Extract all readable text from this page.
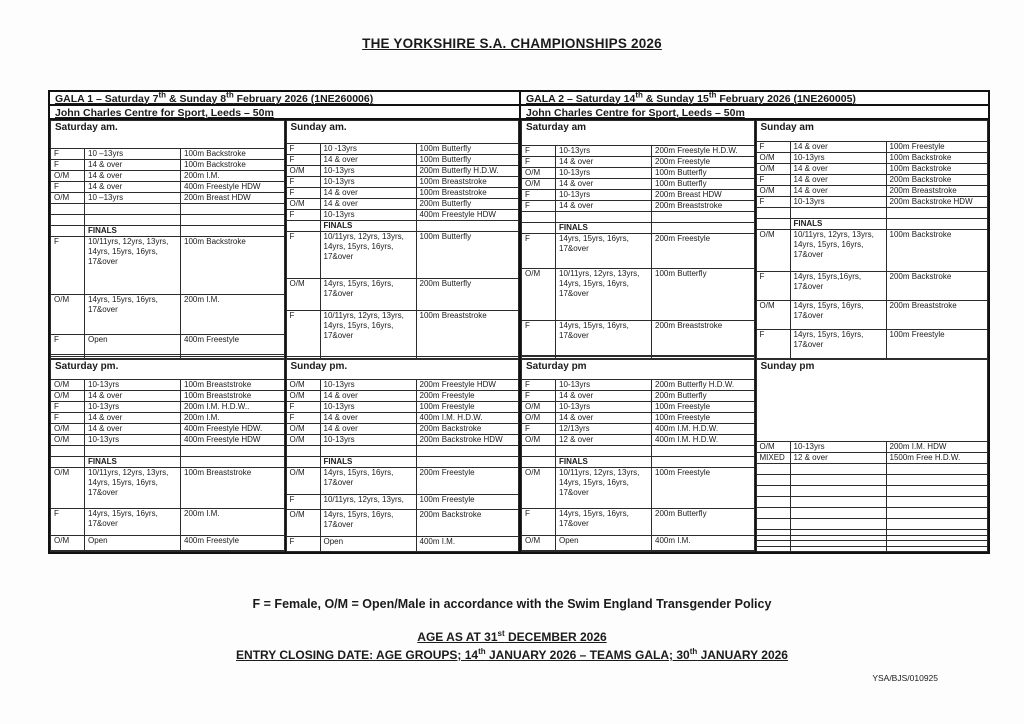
THE YORKSHIRE S.A. CHAMPIONSHIPS 2026
GALA 1 – Saturday 7th & Sunday 8th February 2026 (1NE260006)
John Charles Centre for Sport, Leeds – 50m
Saturday am.		
F	10 –13yrs	100m Backstroke
F	14 & over	100m Backstroke
O/M	14 & over	200m I.M.
F	14 & over	400m Freestyle HDW
O/M	10 –13yrs	200m Breast HDW

	FINALS	
F	10/11yrs, 12yrs, 13yrs, 14yrs, 15yrs, 16yrs, 17&over	100m Backstroke
O/M	14yrs, 15yrs, 16yrs, 17&over	200m I.M.
F	Open	400m Freestyle

Saturday pm.		
O/M	10-13yrs	100m Breaststroke
O/M	14 & over	100m Breaststroke
F	10-13yrs	200m I.M. H.D.W..
F	14 & over	200m I.M.
O/M	14 & over	400m Freestyle HDW.
O/M	10-13yrs	400m Freestyle HDW

	FINALS	
O/M	10/11yrs, 12yrs, 13yrs, 14yrs, 15yrs, 16yrs, 17&over	100m Breaststroke
F	14yrs, 15yrs, 16yrs, 17&over	200m I.M.
O/M	Open	400m Freestyle

Sunday am.		
F	10 -13yrs	100m Butterfly
F	14 & over	100m Butterfly
O/M	10-13yrs	200m Butterfly H.D.W.
F	10-13yrs	100m Breaststroke
F	14 & over	100m Breaststroke
O/M	14 & over	200m Butterfly
F	10-13yrs	400m Freestyle HDW
	FINALS	
F	10/11yrs, 12yrs, 13yrs, 14yrs, 15yrs, 16yrs, 17&over	100m Butterfly
O/M	14yrs, 15yrs, 16yrs, 17&over	200m Butterfly
F	10/11yrs, 12yrs, 13yrs, 14yrs, 15yrs, 16yrs, 17&over	100m Breaststroke

Sunday pm.		
O/M	10-13yrs	200m Freestyle HDW
O/M	14 & over	200m Freestyle
F	10-13yrs	100m Freestyle
F	14 & over	400m I.M. H.D.W.
O/M	14 & over	200m Backstroke
O/M	10-13yrs	200m Backstroke HDW

	FINALS	
O/M	14yrs, 15yrs, 16yrs, 17&over	200m Freestyle
F	10/11yrs, 12yrs, 13yrs,	100m Freestyle
O/M	14yrs, 15yrs, 16yrs, 17&over	200m Backstroke
F	Open	400m I.M.
GALA 2 – Saturday 14th & Sunday 15th February 2026 (1NE260005)
John Charles Centre for Sport, Leeds – 50m
Saturday am		
F	10-13yrs	200m Freestyle H.D.W.
F	14 & over	200m Freestyle
O/M	10-13yrs	100m Butterfly
O/M	14 & over	100m Butterfly
F	10-13yrs	200m Breast HDW
F	14 & over	200m Breaststroke

	FINALS	
F	14yrs, 15yrs, 16yrs, 17&over	200m Freestyle
O/M	10/11yrs, 12yrs, 13yrs, 14yrs, 15yrs, 16yrs, 17&over	100m Butterfly
F	14yrs, 15yrs, 16yrs, 17&over	200m Breaststroke

Saturday pm		
F	10-13yrs	200m Butterfly H.D.W.
F	14 & over	200m Butterfly
O/M	10-13yrs	100m Freestyle
O/M	14 & over	100m Freestyle
F	12/13yrs	400m I.M. H.D.W.
O/M	12 & over	400m I.M. H.D.W.

	FINALS	
O/M	10/11yrs, 12yrs, 13yrs, 14yrs, 15yrs, 16yrs, 17&over	100m Freestyle
F	14yrs, 15yrs, 16yrs, 17&over	200m Butterfly
O/M	Open	400m I.M.

Sunday am		
F	14 & over	100m Freestyle
O/M	10-13yrs	100m Backstroke
O/M	14 & over	100m Backstroke
F	14 & over	200m Backstroke
O/M	14 & over	200m Breaststroke
F	10-13yrs	200m Backstroke HDW

	FINALS	
O/M	10/11yrs, 12yrs, 13yrs, 14yrs, 15yrs, 16yrs, 17&over	100m Backstroke
F	14yrs, 15yrs,16yrs, 17&over	200m Backstroke
O/M	14yrs, 15yrs, 16yrs, 17&over	200m Breaststroke
F	14yrs, 15yrs, 16yrs, 17&over	100m Freestyle
Sunday pm		
O/M	10-13yrs	200m I.M. HDW
MIXED	12 & over	1500m Free H.D.W.

F = Female, O/M = Open/Male in accordance with the Swim England Transgender Policy
AGE AS AT 31st DECEMBER 2026
ENTRY CLOSING DATE: AGE GROUPS; 14th JANUARY 2026 – TEAMS GALA; 30th JANUARY 2026
YSA/BJS/010925
